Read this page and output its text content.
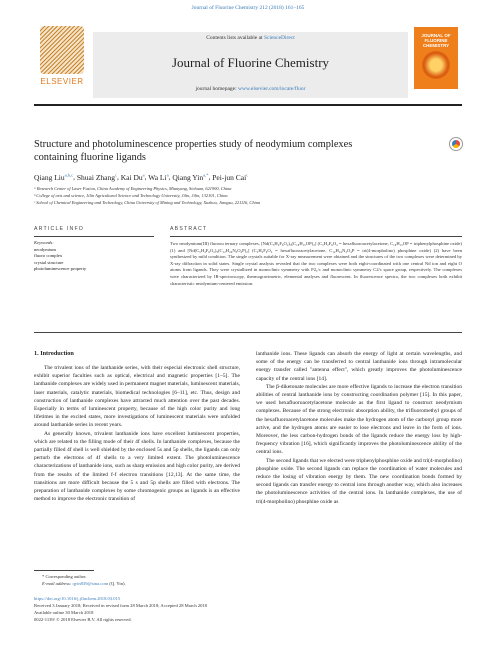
Journal of Fluorine Chemistry 212 (2018) 161–165
ELSEVIER
Contents lists available at ScienceDirect
Journal of Fluorine Chemistry
journal homepage: www.elsevier.com/locate/fluor
JOURNAL OF FLUORINE CHEMISTRY
Structure and photoluminescence properties study of neodymium complexes containing fluorine ligands
Qiang Liu$^{a,b,c}$, Shuai Zhang$^c$, Kai Du$^a$, Wa Li$^a$, Qiang Yin$^{a,*}$, Pei-jun Cai$^c$
ᵃ Research Center of Laser Fusion, China Academy of Engineering Physics, Mianyang, Sichuan, 621900, China
ᵇ College of arts and science, Jilin Agricultural Science and Technology University, Jilin, Jilin, 132101, China
ᶜ School of Chemical Engineering and Technology, China University of Mining and Technology, Xuzhou, Jiangsu, 221116, China
ARTICLE INFO
Keywords:
neodymium
fluoro complex
crystal structure
photoluminescence property
ABSTRACT
Two neodymium(III) fluorou ternary complexes, [Nd(C₅H₂F₆O₂)₃(C₁₈H₁₅OP)₂] (C₅H₂F₆O₂ = hexafluoroacetylacetone, C₁₈H₁₅OP = triphenylphosphine oxide) (1) and [Nd(C₅H₂F₆O₂)₃(C₁₂H₂₄N₃O₄P)₂] (C₅H₂F₆O₂ = hexafluoroacetylacetone, C₁₂H₂₄N₃O₄P = tri(4-morpholino) phosphine oxide) (2) have been synthesized by mild condition. The single crystals suitable for X-ray measurement were obtained and the structures of the two complexes were determined by X-ray diffraction in solid states. Single crystal analysis revealed that the two complexes were both eight-coordinated with one central Nd ion and eight O atoms from ligands. They were crystallized in monoclinic symmetry with P2₁/c and monoclinic symmetry C2/c space group, respectively. The complexes were characterized by IR-spectroscopy, thermogravimetric, elemental analyses and fluorescent. In fluorescence spectra, the two complexes both exhibit characteristic neodymium-centered emission.
1. Introduction

The trivalent ions of the lanthanide series, with their especial electronic shell structure, exhibit superior faculties such as optical, electrical and magnetic properties [1–5]. The lanthanide complexes are widely used in permanent magnet materials, luminescent materials, laser materials, catalytic materials, biomedical technologies [6–11], etc. Thus, design and construction of lanthanide complexes have attracted much attention over the past decades. Especially in terms of luminescent property, because of the high color purity and long lifetimes in the excited states, more investigations of luminescent materials were unfolded around lanthanide series in recent years.

As generally known, trivalent lanthanide ions have excellent luminescent properties, which are related to the filling mode of their 4f shells. In lanthanide complexes, because the partially filled 4f shell is well shielded by the enclosed 5s and 5p shells, the ligands can only perturb the electrons of 4f shells to a very limited extent. The photoluminescence characterizations of lanthanide ions, such as sharp emission and high color purity, are derived from the results of the limited f-f electron transitions [12,13]. At the same time, the transitions are more difficult because the 5 s and 5p shells are filled with electrons. The preparation of lanthanide complexes by some chromogenic groups as ligands is an effective method to improve the electronic transition of

lanthanide ions. These ligands can absorb the energy of light at certain wavelengths, and some of the energy can be transferred to central lanthanide ions through intramolecular energy transfer called "antenna effect", which greatly improves the photoluminescence capacity of the central ions [14].

The β-diketonate molecules are more effective ligands to increase the electron transition abilities of central lanthanide ions by constructing coordination polymer [15]. In this paper, we used hexafluoroacetylacetone molecule as the first ligand to construct neodymium complexes. Because of the strong electronic absorption ability, the trifluoromethyl groups of the hexafluoroacetylacetone molecules make the hydrogen atom of the carbonyl group more active, and the hydrogen atoms are easier to lose electrons and leave in the form of ions. Moreover, the less carbon-hydrogen bonds of the ligands reduce the energy loss by high-frequency vibration [16], which significantly improves the photoluminescence ability of the central ions.

The second ligands that we elected were triphenylphosphine oxide and tri(4-morpholino) phosphine oxide. The second ligands can replace the coordination of water molecules and reduce the losing of vibration energy by them. The new coordination bonds formed by second ligands can transfer energy to central ions through another way, which also increases the photoluminescence activities of the central ions. In lanthanide complexes, the use of tri(4-morpholino) phosphine oxide as

* Corresponding author.
E-mail address: qyin839@sina.com (Q. Yin).
https://doi.org/10.1016/j.jfluchem.2018.03.015
Received 3 January 2018; Received in revised form 28 March 2018; Accepted 28 March 2018
Available online 30 March 2018
0022-1139/ © 2018 Elsevier B.V. All rights reserved.
